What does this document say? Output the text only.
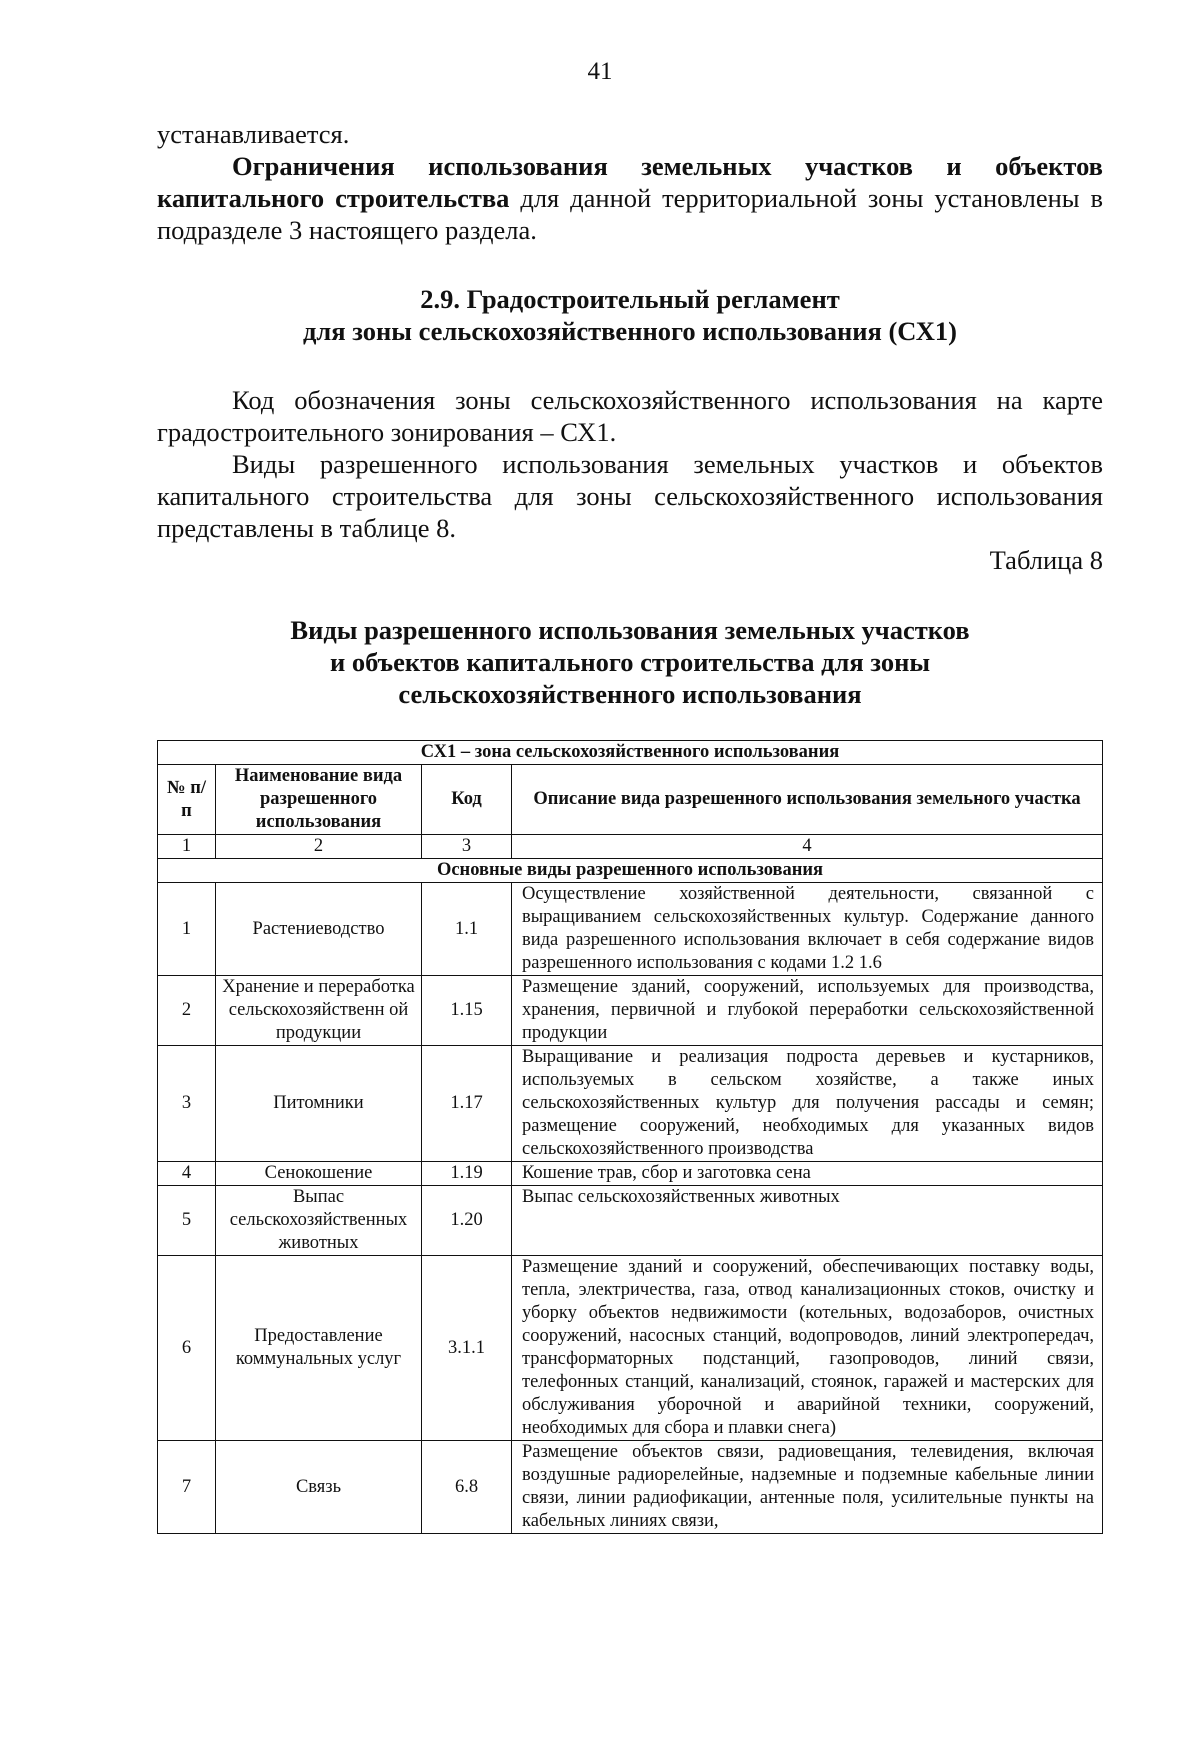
41

устанавливается.

Ограничения использования земельных участков и объектов капитального строительства для данной территориальной зоны установлены в подразделе 3 настоящего раздела.

2.9. Градостроительный регламент
для зоны сельскохозяйственного использования (СХ1)

Код обозначения зоны сельскохозяйственного использования на карте градостроительного зонирования – СХ1.

Виды разрешенного использования земельных участков и объектов капитального строительства для зоны сельскохозяйственного использования представлены в таблице 8.

Таблица 8

Виды разрешенного использования земельных участков
и объектов капитального строительства для зоны
сельскохозяйственного использования
СХ1 – зона сельскохозяйственного использования			
№ п/п	Наименование вида разрешенного использования	Код	Описание вида разрешенного использования земельного участка
1	2	3	4
Основные виды разрешенного использования			
1	Растениеводство	1.1	Осуществление хозяйственной деятельности, связанной с выращиванием сельскохозяйственных культур. Содержание данного вида разрешенного использования включает в себя содержание видов разрешенного использования с кодами 1.2 1.6
2	Хранение и переработка сельскохозяйственн ой продукции	1.15	Размещение зданий, сооружений, используемых для производства, хранения, первичной и глубокой переработки сельскохозяйственной продукции
3	Питомники	1.17	Выращивание и реализация подроста деревьев и кустарников, используемых в сельском хозяйстве, а также иных сельскохозяйственных культур для получения рассады и семян; размещение сооружений, необходимых для указанных видов сельскохозяйственного производства
4	Сенокошение	1.19	Кошение трав, сбор и заготовка сена
5	Выпас сельскохозяйственных животных	1.20	Выпас сельскохозяйственных животных
6	Предоставление коммунальных услуг	3.1.1	Размещение зданий и сооружений, обеспечивающих поставку воды, тепла, электричества, газа, отвод канализационных стоков, очистку и уборку объектов недвижимости (котельных, водозаборов, очистных сооружений, насосных станций, водопроводов, линий электропередач, трансформаторных подстанций, газопроводов, линий связи, телефонных станций, канализаций, стоянок, гаражей и мастерских для обслуживания уборочной и аварийной техники, сооружений, необходимых для сбора и плавки снега)
7	Связь	6.8	Размещение объектов связи, радиовещания, телевидения, включая воздушные радиорелейные, надземные и подземные кабельные линии связи, линии радиофикации, антенные поля, усилительные пункты на кабельных линиях связи,
